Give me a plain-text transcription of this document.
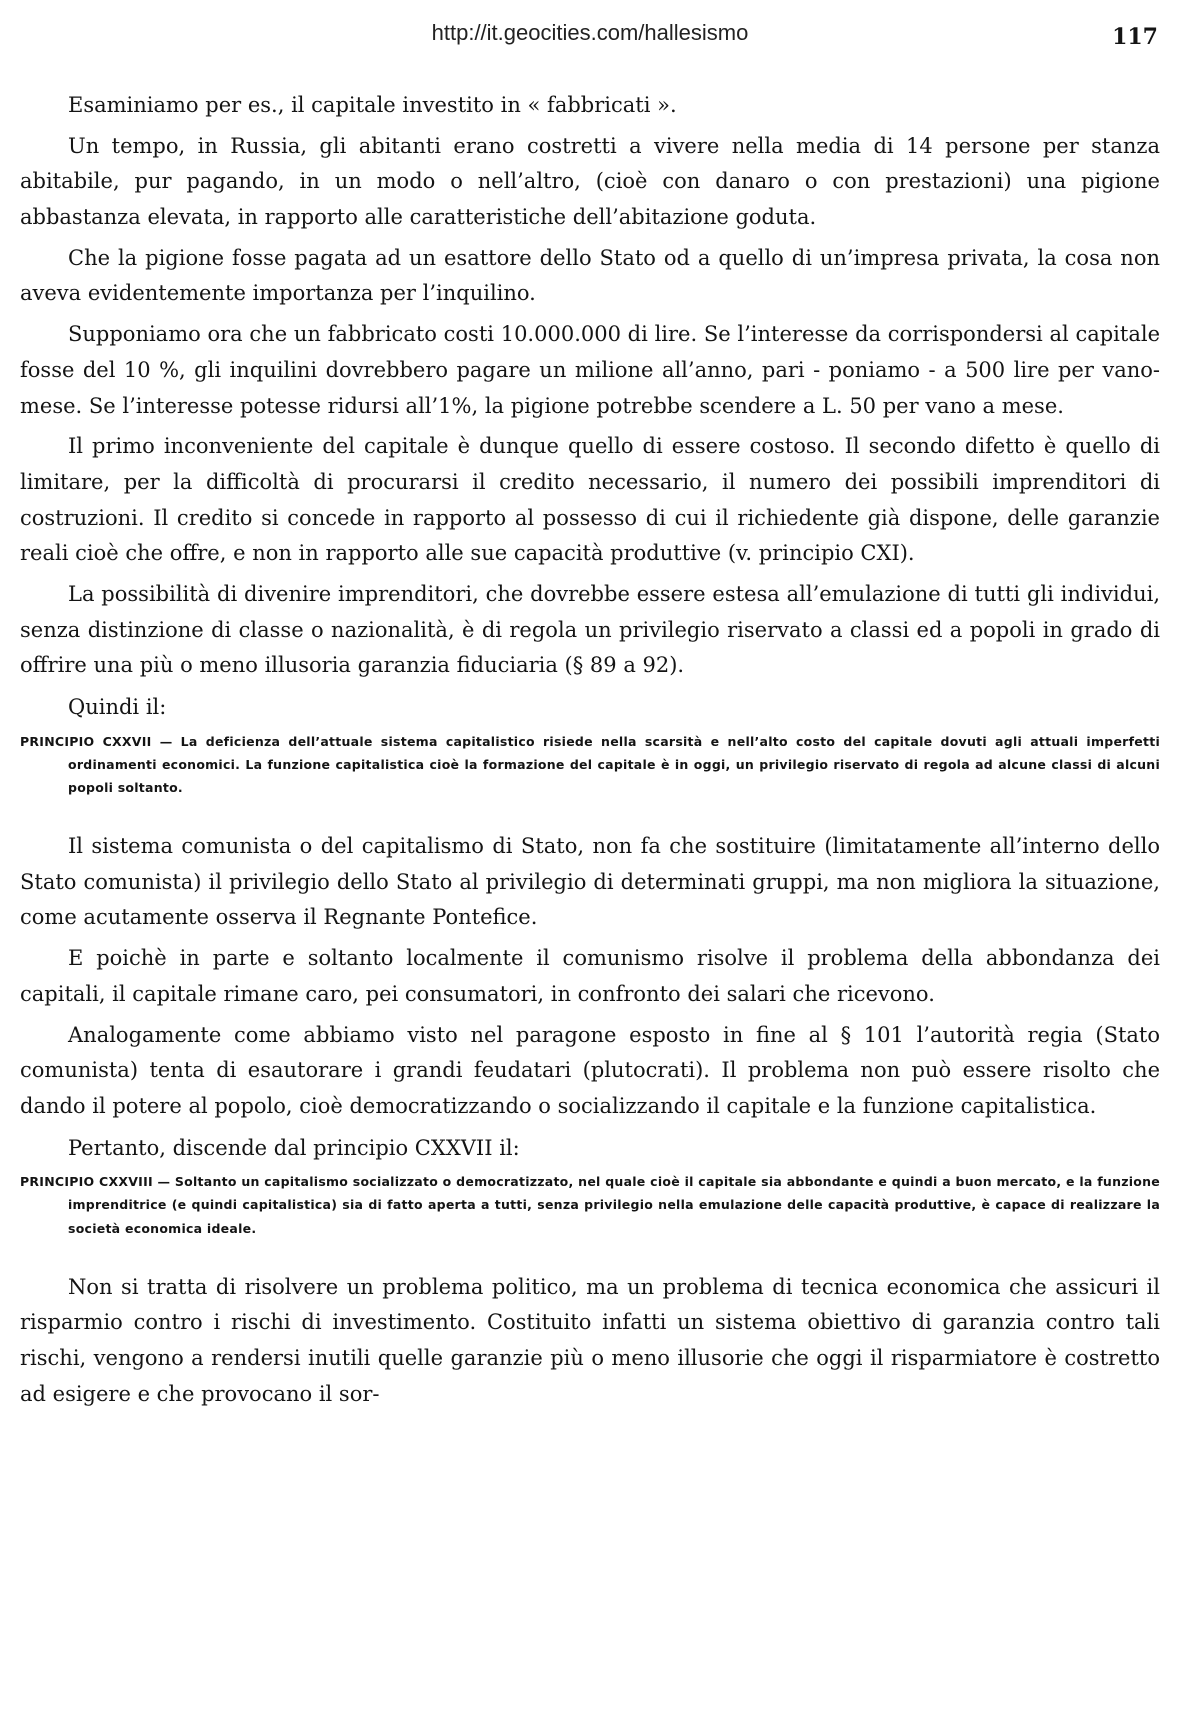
http://it.geocities.com/hallesismo	117

Esaminiamo per es., il capitale investito in « fabbricati ».

Un tempo, in Russia, gli abitanti erano costretti a vivere nella media di 14 persone per stanza abitabile, pur pagando, in un modo o nell’altro, (cioè con danaro o con prestazioni) una pigione abbastanza elevata, in rapporto alle caratteristiche dell’abitazione goduta.

Che la pigione fosse pagata ad un esattore dello Stato od a quello di un’impresa privata, la cosa non aveva evidentemente importanza per l’inquilino.

Supponiamo ora che un fabbricato costi 10.000.000 di lire. Se l’interesse da corrispondersi al capitale fosse del 10 %, gli inquilini dovrebbero pagare un milione all’anno, pari - poniamo - a 500 lire per vano-mese. Se l’interesse potesse ridursi all’1%, la pigione potrebbe scendere a L. 50 per vano a mese.

Il primo inconveniente del capitale è dunque quello di essere costoso. Il secondo difetto è quello di limitare, per la difficoltà di procurarsi il credito necessario, il numero dei possibili imprenditori di costruzioni. Il credito si concede in rapporto al possesso di cui il richiedente già dispone, delle garanzie reali cioè che offre, e non in rapporto alle sue capacità produttive (v. principio CXI).

La possibilità di divenire imprenditori, che dovrebbe essere estesa all’emulazione di tutti gli individui, senza distinzione di classe o nazionalità, è di regola un privilegio riservato a classi ed a popoli in grado di offrire una più o meno illusoria garanzia fiduciaria (§ 89 a 92).

Quindi il:

PRINCIPIO CXXVII — La deficienza dell’attuale sistema capitalistico risiede nella scarsità e nell’alto costo del capitale dovuti agli attuali imperfetti ordinamenti economici. La funzione capitalistica cioè la formazione del capitale è in oggi, un privilegio riservato di regola ad alcune classi di alcuni popoli soltanto.

Il sistema comunista o del capitalismo di Stato, non fa che sostituire (limitatamente all’interno dello Stato comunista) il privilegio dello Stato al privilegio di determinati gruppi, ma non migliora la situazione, come acutamente osserva il Regnante Pontefice.

E poichè in parte e soltanto localmente il comunismo risolve il problema della abbondanza dei capitali, il capitale rimane caro, pei consumatori, in confronto dei salari che ricevono.

Analogamente come abbiamo visto nel paragone esposto in fine al § 101 l’autorità regia (Stato comunista) tenta di esautorare i grandi feudatari (plutocrati). Il problema non può essere risolto che dando il potere al popolo, cioè democratizzando o socializzando il capitale e la funzione capitalistica.

Pertanto, discende dal principio CXXVII il:

PRINCIPIO CXXVIII — Soltanto un capitalismo socializzato o democratizzato, nel quale cioè il capitale sia abbondante e quindi a buon mercato, e la funzione imprenditrice (e quindi capitalistica) sia di fatto aperta a tutti, senza privilegio nella emulazione delle capacità produttive, è capace di realizzare la società economica ideale.

Non si tratta di risolvere un problema politico, ma un problema di tecnica economica che assicuri il risparmio contro i rischi di investimento. Costituito infatti un sistema obiettivo di garanzia contro tali rischi, vengono a rendersi inutili quelle garanzie più o meno illusorie che oggi il risparmiatore è costretto ad esigere e che provocano il sor-
